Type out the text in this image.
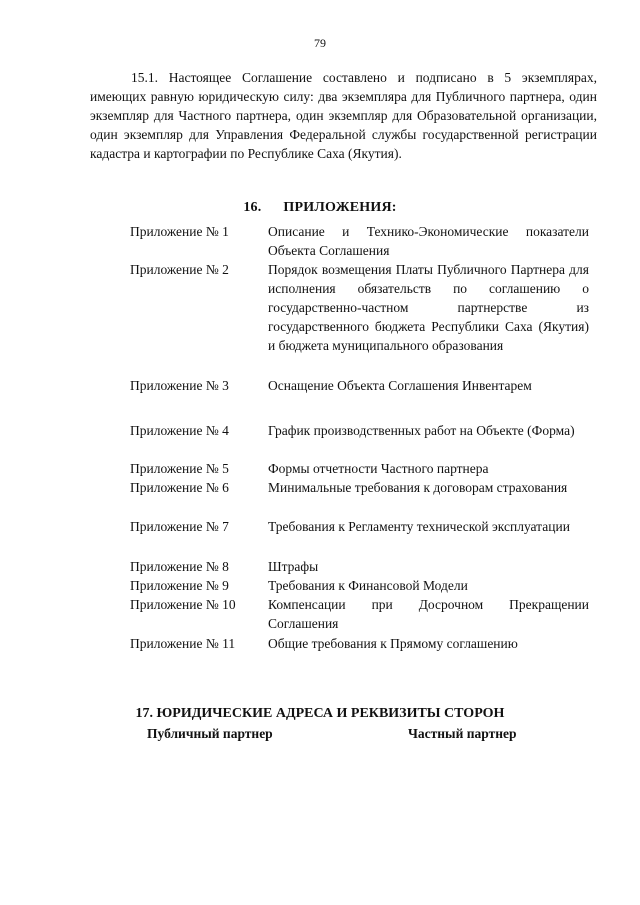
79

15.1. Настоящее Соглашение составлено и подписано в 5 экземплярах, имеющих равную юридическую силу: два экземпляра для Публичного партнера, один экземпляр для Частного партнера, один экземпляр для Образовательной организации, один экземпляр для Управления Федеральной службы государственной регистрации кадастра и картографии по Республике Саха (Якутия).

16. ПРИЛОЖЕНИЯ:
Приложение № 1	Описание и Технико-Экономические показатели Объекта Соглашения
Приложение № 2	Порядок возмещения Платы Публичного Партнера для исполнения обязательств по соглашению о государственно-частном партнерстве из государственного бюджета Республики Саха (Якутия) и бюджета муниципального образования
Приложение № 3	Оснащение Объекта Соглашения Инвентарем
Приложение № 4	График производственных работ на Объекте (Форма)
Приложение № 5	Формы отчетности Частного партнера
Приложение № 6	Минимальные требования к договорам страхования
Приложение № 7	Требования к Регламенту технической эксплуатации
Приложение № 8	Штрафы
Приложение № 9	Требования к Финансовой Модели
Приложение № 10	Компенсации при Досрочном Прекращении Соглашения
Приложение № 11	Общие требования к Прямому соглашению
17. ЮРИДИЧЕСКИЕ АДРЕСА И РЕКВИЗИТЫ СТОРОН
Публичный партнер	Частный партнер
